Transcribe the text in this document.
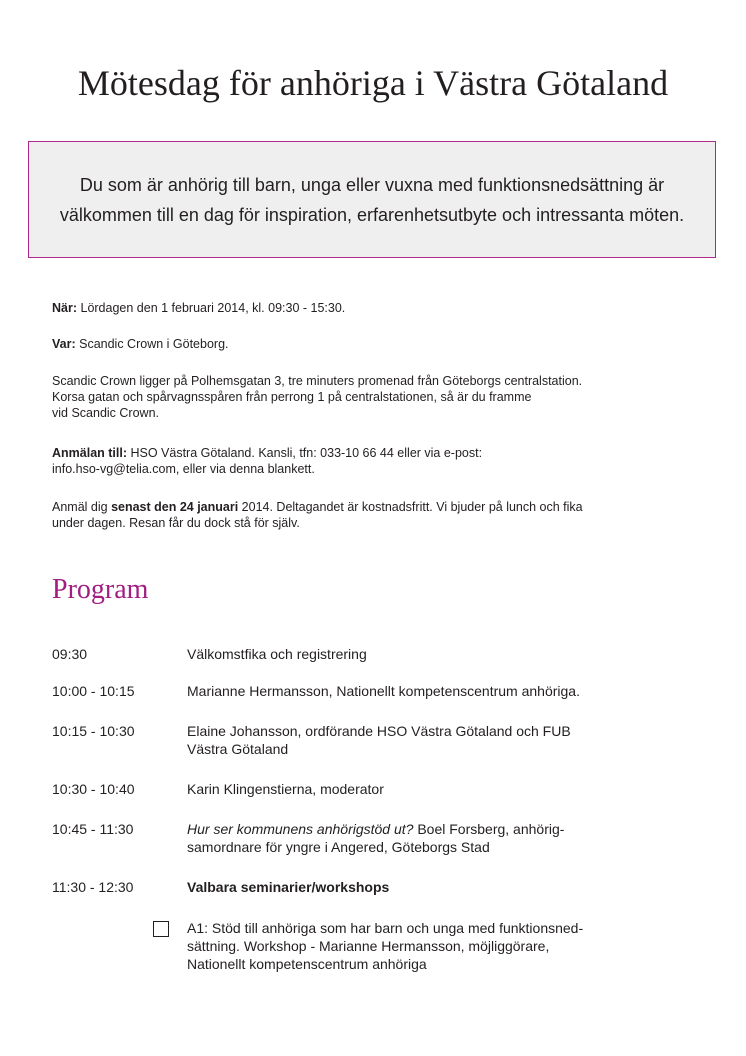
Mötesdag för anhöriga i Västra Götaland

Du som är anhörig till barn, unga eller vuxna med funktionsnedsättning är välkommen till en dag för inspiration, erfarenhetsutbyte och intressanta möten.

När: Lördagen den 1 februari 2014, kl. 09:30 - 15:30.

Var: Scandic Crown i Göteborg.

Scandic Crown ligger på Polhemsgatan 3, tre minuters promenad från Göteborgs centralstation.
Korsa gatan och spårvagnsspåren från perrong 1 på centralstationen, så är du framme
vid Scandic Crown.

Anmälan till: HSO Västra Götaland. Kansli, tfn: 033-10 66 44 eller via e-post:
info.hso-vg@telia.com, eller via denna blankett.

Anmäl dig senast den 24 januari 2014. Deltagandet är kostnadsfritt. Vi bjuder på lunch och fika
under dagen. Resan får du dock stå för själv.

Program
09:30	Välkomstfika och registrering
10:00 - 10:15	Marianne Hermansson, Nationellt kompetenscentrum anhöriga.
10:15 - 10:30	Elaine Johansson, ordförande HSO Västra Götaland och FUB
Västra Götaland
10:30 - 10:40	Karin Klingenstierna, moderator
10:45 - 11:30	Hur ser kommunens anhörigstöd ut? Boel Forsberg, anhörig-
samordnare för yngre i Angered, Göteborgs Stad
11:30 - 12:30	Valbara seminarier/workshops
A1: Stöd till anhöriga som har barn och unga med funktionsned-
sättning. Workshop - Marianne Hermansson, möjliggörare,
Nationellt kompetenscentrum anhöriga
